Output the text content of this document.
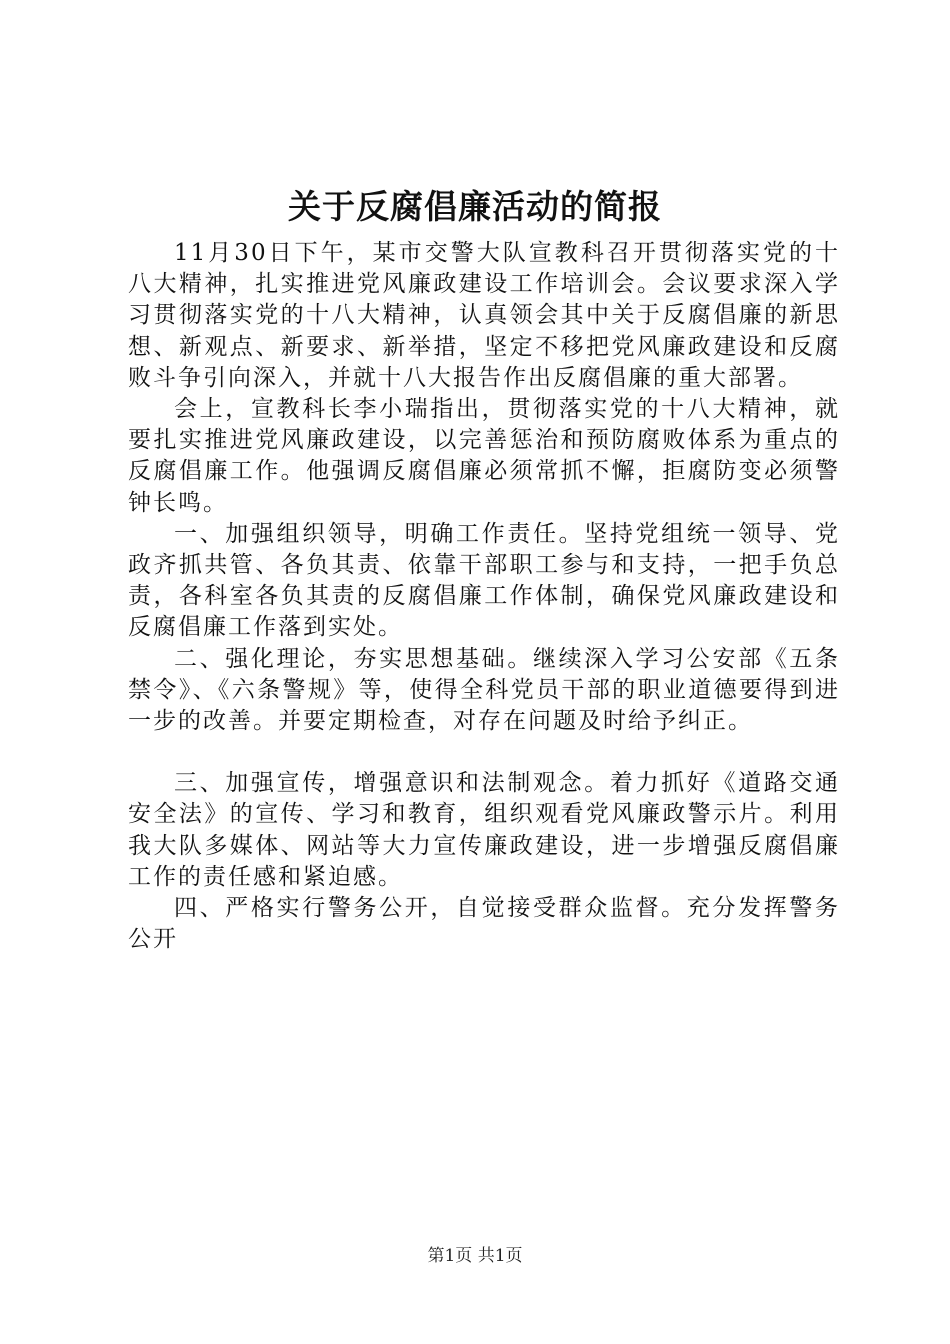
关于反腐倡廉活动的简报

11月30日下午，某市交警大队宣教科召开贯彻落实党的十八大精神，扎实推进党风廉政建设工作培训会。会议要求深入学习贯彻落实党的十八大精神，认真领会其中关于反腐倡廉的新思想、新观点、新要求、新举措，坚定不移把党风廉政建设和反腐败斗争引向深入，并就十八大报告作出反腐倡廉的重大部署。

会上，宣教科长李小瑞指出，贯彻落实党的十八大精神，就要扎实推进党风廉政建设，以完善惩治和预防腐败体系为重点的反腐倡廉工作。他强调反腐倡廉必须常抓不懈，拒腐防变必须警钟长鸣。

一、加强组织领导，明确工作责任。坚持党组统一领导、党政齐抓共管、各负其责、依靠干部职工参与和支持，一把手负总责，各科室各负其责的反腐倡廉工作体制，确保党风廉政建设和反腐倡廉工作落到实处。

二、强化理论，夯实思想基础。继续深入学习公安部《五条禁令》、《六条警规》等，使得全科党员干部的职业道德要得到进一步的改善。并要定期检查，对存在问题及时给予纠正。

三、加强宣传，增强意识和法制观念。着力抓好《道路交通安全法》的宣传、学习和教育，组织观看党风廉政警示片。利用我大队多媒体、网站等大力宣传廉政建设，进一步增强反腐倡廉工作的责任感和紧迫感。

四、严格实行警务公开，自觉接受群众监督。充分发挥警务公开

第1页 共1页
